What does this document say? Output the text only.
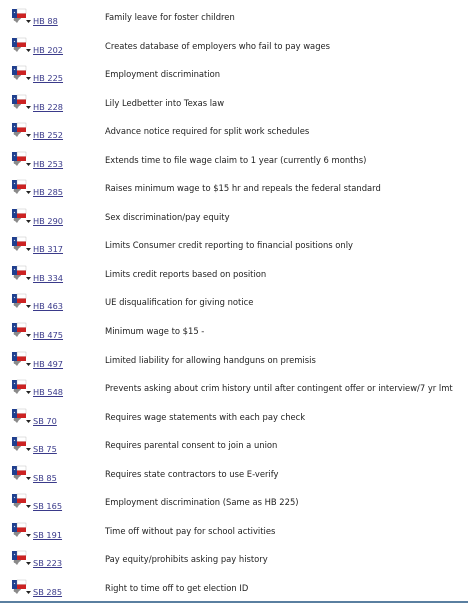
HB 88	Family leave for foster children
HB 202	Creates database of employers who fail to pay wages
HB 225	Employment discrimination
HB 228	Lily Ledbetter into Texas law
HB 252	Advance notice required for split work schedules
HB 253	Extends time to file wage claim to 1 year (currently 6 months)
HB 285	Raises minimum wage to $15 hr and repeals the federal standard
HB 290	Sex discrimination/pay equity
HB 317	Limits Consumer credit reporting to financial positions only
HB 334	Limits credit reports based on position
HB 463	UE disqualification for giving notice
HB 475	Minimum wage to $15 -
HB 497	Limited liability for allowing handguns on premisis
HB 548	Prevents asking about crim history until after contingent offer or interview/7 yr lmt
SB 70	Requires wage statements with each pay check
SB 75	Requires parental consent to join a union
SB 85	Requires state contractors to use E-verify
SB 165	Employment discrimination (Same as HB 225)
SB 191	Time off without pay for school activities
SB 223	Pay equity/prohibits asking pay history
SB 285	Right to time off to get election ID
